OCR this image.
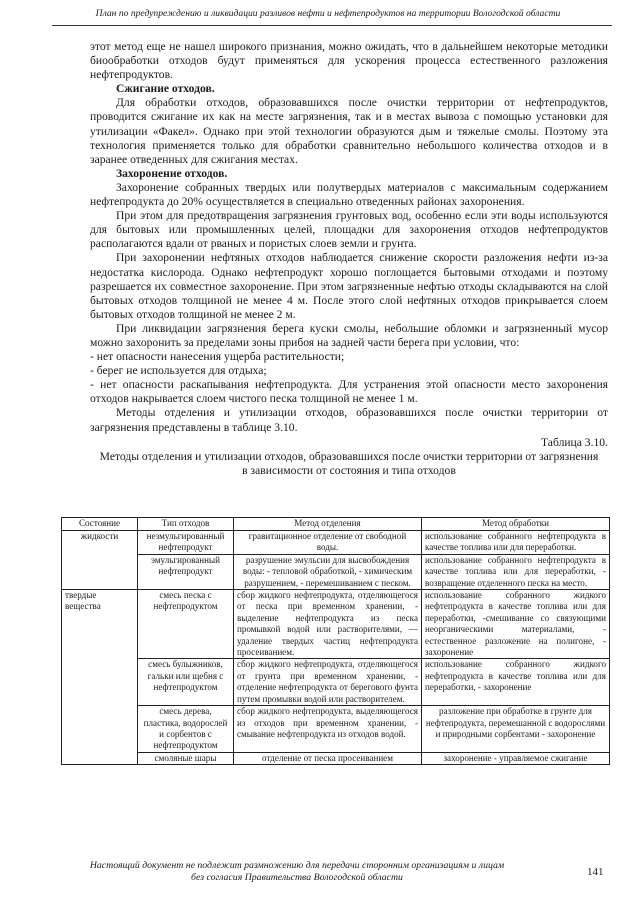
План по предупреждению и ликвидации разливов нефти и нефтепродуктов на территории Вологодской области

этот метод еще не нашел широкого признания, можно ожидать, что в дальнейшем некоторые методики биообработки отходов будут применяться для ускорения процесса естественного разложения нефтепродуктов.

Сжигание отходов.

Для обработки отходов, образовавшихся после очистки территории от нефтепродуктов, проводится сжигание их как на месте загрязнения, так и в местах вывоза с помощью установки для утилизации «Факел». Однако при этой технологии образуются дым и тяжелые смолы. Поэтому эта технология применяется только для обработки сравнительно небольшого количества отходов и в заранее отведенных для сжигания местах.

Захоронение отходов.

Захоронение собранных твердых или полутвердых материалов с максимальным содержанием нефтепродукта до 20% осуществляется в специально отведенных районах захоронения.

При этом для предотвращения загрязнения грунтовых вод, особенно если эти воды используются для бытовых или промышленных целей, площадки для захоронения отходов нефтепродуктов располагаются вдали от рваных и пористых слоев земли и грунта.

При захоронении нефтяных отходов наблюдается снижение скорости разложения нефти из-за недостатка кислорода. Однако нефтепродукт хорошо поглощается бытовыми отходами и поэтому разрешается их совместное захоронение. При этом загрязненные нефтью отходы складываются на слой бытовых отходов толщиной не менее 4 м. После этого слой нефтяных отходов прикрывается слоем бытовых отходов толщиной не менее 2 м.

При ликвидации загрязнения берега куски смолы, небольшие обломки и загрязненный мусор можно захоронить за пределами зоны прибоя на задней части берега при условии, что:

- нет опасности нанесения ущерба растительности;

- берег не используется для отдыха;

- нет опасности раскапывания нефтепродукта. Для устранения этой опасности место захоронения отходов накрывается слоем чистого песка толщиной не менее 1 м.

Методы отделения и утилизации отходов, образовавшихся после очистки территории от загрязнения представлены в таблице 3.10.

Таблица 3.10.
Методы отделения и утилизации отходов, образовавшихся после очистки территории от загрязнения в зависимости от состояния и типа отходов
Состояние	Тип отходов	Метод отделения	Метод обработки
жидкости	незмульгированный нефтепродукт	гравитационное отделение от свободной воды.	использование собранного нефтепродукта в качестве топлива или для переработки.
	эмульгированный нефтепродукт	разрушение эмульсии для высвобождения воды: - тепловой обработкой, - химическим разрушением, - перемешиванием с песком.	использование собранного нефтепродукта в качестве топлива или для переработки, - возвращение отделенного песка на место.
твердые вещества	смесь песка с нефтепродуктом	сбор жидкого нефтепродукта, отделяющегося от песка при временном хранении, - выделение нефтепродукта из песка промывкой водой или растворителями, — удаление твердых частиц нефтепродукта просеиванием.	использование собранного жидкого нефтепродукта в качестве топлива или для переработки, -смешивание со связующими неорганическими материалами, - естественное разложение на полигоне, - захоронение
	смесь булыжников, гальки или щебня с нефтепродуктом	сбор жидкого нефтепродукта, отделяющегося от грунта при временном хранении, - отделение нефтепродукта от берегового фунта путем промывки водой или растворителем.	использование собранного жидкого нефтепродукта в качестве топлива или для переработки, - захоронение
	смесь дерева, пластика, водорослей и сорбентов с нефтепродуктом	сбор жидкого нефтепродукта, выделяющегося из отходов при временном хранении, - смывание нефтепродукта из отходов водой.	разложение при обработке в грунте для нефтепродукта, перемешанной с водорослями и природными сорбентами - захоронение
	смоляные шары	отделение от песка просеиванием	захоронение - управляемое сжигание
Настоящий документ не подлежит размножению для передачи сторонним организациям и лицам
без согласия Правительства Вологодской области	141
